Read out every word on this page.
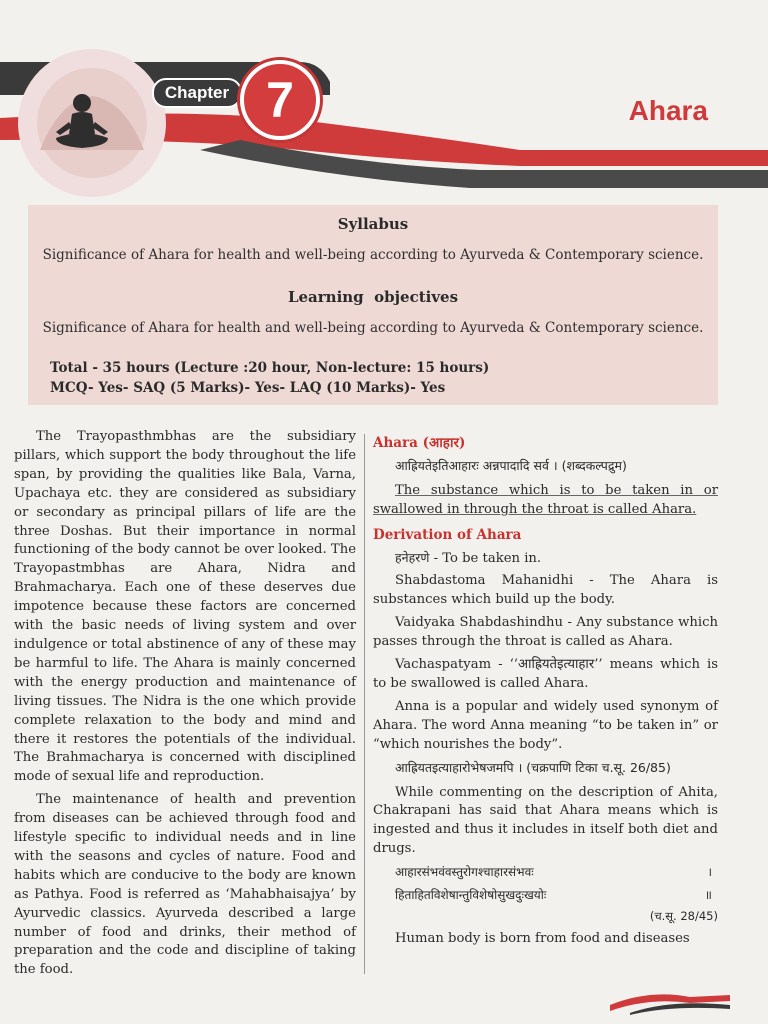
Chapter 7	Ahara
Syllabus
Significance of Ahara for health and well-being according to Ayurveda & Contemporary science.
Learning  objectives
Significance of Ahara for health and well-being according to Ayurveda & Contemporary science.
Total - 35 hours (Lecture :20 hour, Non-lecture: 15 hours)
MCQ- Yes- SAQ (5 Marks)- Yes- LAQ (10 Marks)- Yes

The Trayopasthmbhas are the subsidiary pillars, which support the body throughout the life span, by providing the qualities like Bala, Varna, Upachaya etc. they are considered as subsidiary or secondary as principal pillars of life are the three Doshas. But their importance in normal functioning of the body cannot be over looked. The Trayopastmbhas are Ahara, Nidra and Brahmacharya. Each one of these deserves due impotence because these factors are concerned with the basic needs of living system and over indulgence or total abstinence of any of these may be harmful to life. The Ahara is mainly concerned with the energy production and maintenance of living tissues. The Nidra is the one which provide complete relaxation to the body and mind and there it restores the potentials of the individual. The Brahmacharya is concerned with disciplined mode of sexual life and reproduction.

The maintenance of health and prevention from diseases can be achieved through food and lifestyle specific to individual needs and in line with the seasons and cycles of nature. Food and habits which are conducive to the body are known as Pathya. Food is referred as ‘Mahabhaisajya’ by Ayurvedic classics. Ayurveda described a large number of food and drinks, their method of preparation and the code and discipline of taking the food.

Ahara (आहार)
आह्रियतेइतिआहारः अन्नपादादि सर्व । (शब्दकल्पद्रुम)

The substance which is to be taken in or swallowed in through the throat is called Ahara.

Derivation of Ahara

हनेहरणे - To be taken in.

Shabdastoma Mahanidhi - The Ahara is substances which build up the body.

Vaidyaka Shabdashindhu - Any substance which passes through the throat is called as Ahara.

Vachaspatyam - ‘‘आह्रियतेइत्याहार’’ means which is to be swallowed is called Ahara.

Anna is a popular and widely used synonym of Ahara. The word Anna meaning “to be taken in” or “which nourishes the body”.

आह्रियतइत्याहारोभेषजमपि । (चक्रपाणि टिका च.सू. 26/85)

While commenting on the description of Ahita, Chakrapani has said that Ahara means which is ingested and thus it includes in itself both diet and drugs.

आहारसंभवंवस्तुरोगश्चाहारसंभवः	।
हिताहितविशेषान्तुविशेषोसुखदुःखयोः	॥
(च.सू. 28/45)

Human body is born from food and diseases
